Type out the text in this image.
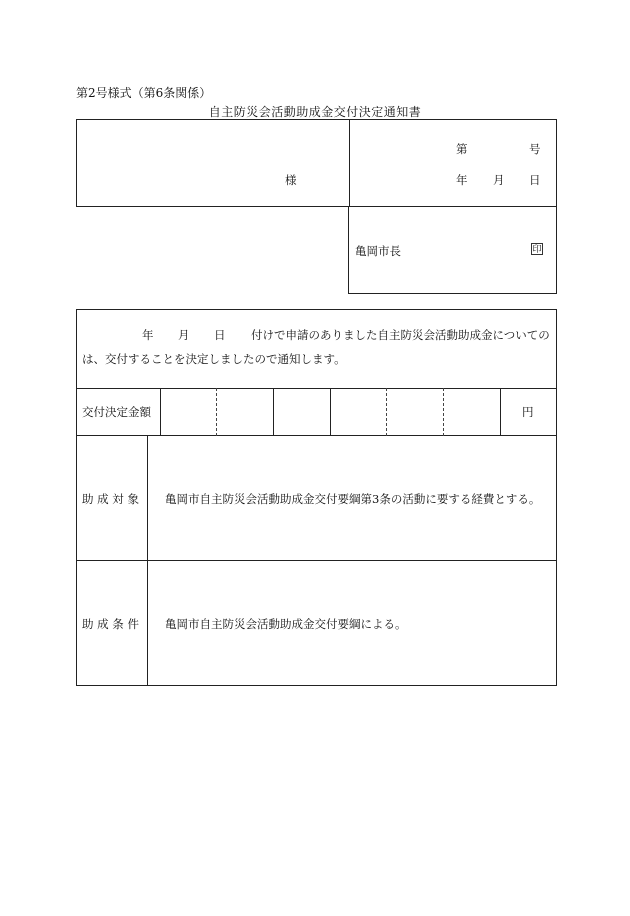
第2号様式（第6条関係）
自主防災会活動助成金交付決定通知書
様
第	号
年 月 日
亀岡市長	印
年 月 日 付けで申請のありました自主防災会活動助成金についての
は、交付することを決定しましたので通知します。
交付決定金額	円
助 成 対 象 亀岡市自主防災会活動助成金交付要綱第3条の活動に要する経費とする。
助 成 条 件 亀岡市自主防災会活動助成金交付要綱による。
